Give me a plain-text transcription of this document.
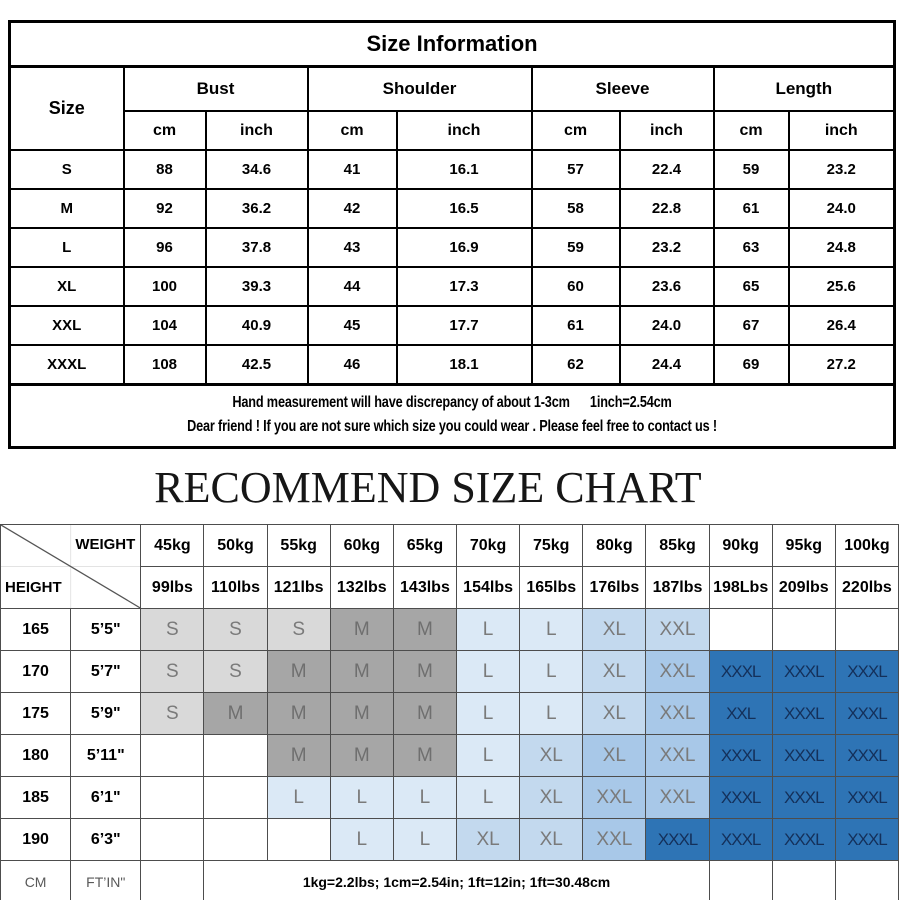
Size Information								
Size	Bust		Shoulder		Sleeve		Length	
	cm	inch	cm	inch	cm	inch	cm	inch
S	88	34.6	41	16.1	57	22.4	59	23.2
M	92	36.2	42	16.5	58	22.8	61	24.0
L	96	37.8	43	16.9	59	23.2	63	24.8
XL	100	39.3	44	17.3	60	23.6	65	25.6
XXL	104	40.9	45	17.7	61	24.0	67	26.4
XXXL	108	42.5	46	18.1	62	24.4	69	27.2

Hand measurement will have discrepancy of about 1-3cm      1inch=2.54cm
Dear friend ! If you are not sure which size you could wear . Please feel free to contact us !								
RECOMMEND SIZE CHART
WEIGHT
HEIGHT		45kg	50kg	55kg	60kg	65kg	70kg	75kg	80kg	85kg	90kg	95kg	100kg
		99lbs	110lbs	121lbs	132lbs	143lbs	154lbs	165lbs	176lbs	187lbs	198Lbs	209lbs	220lbs
165	5’5"	S	S	S	M	M	L	L	XL	XXL			
170	5’7"	S	S	M	M	M	L	L	XL	XXL	XXXL	XXXL	XXXL
175	5’9"	S	M	M	M	M	L	L	XL	XXL	XXL	XXXL	XXXL
180	5’11"			M	M	M	L	XL	XL	XXL	XXXL	XXXL	XXXL
185	6’1"			L	L	L	L	XL	XXL	XXL	XXXL	XXXL	XXXL
190	6’3"				L	L	XL	XL	XXL	XXXL	XXXL	XXXL	XXXL
CM	FT’IN"		1kg=2.2lbs; 1cm=2.54in; 1ft=12in; 1ft=30.48cm										
